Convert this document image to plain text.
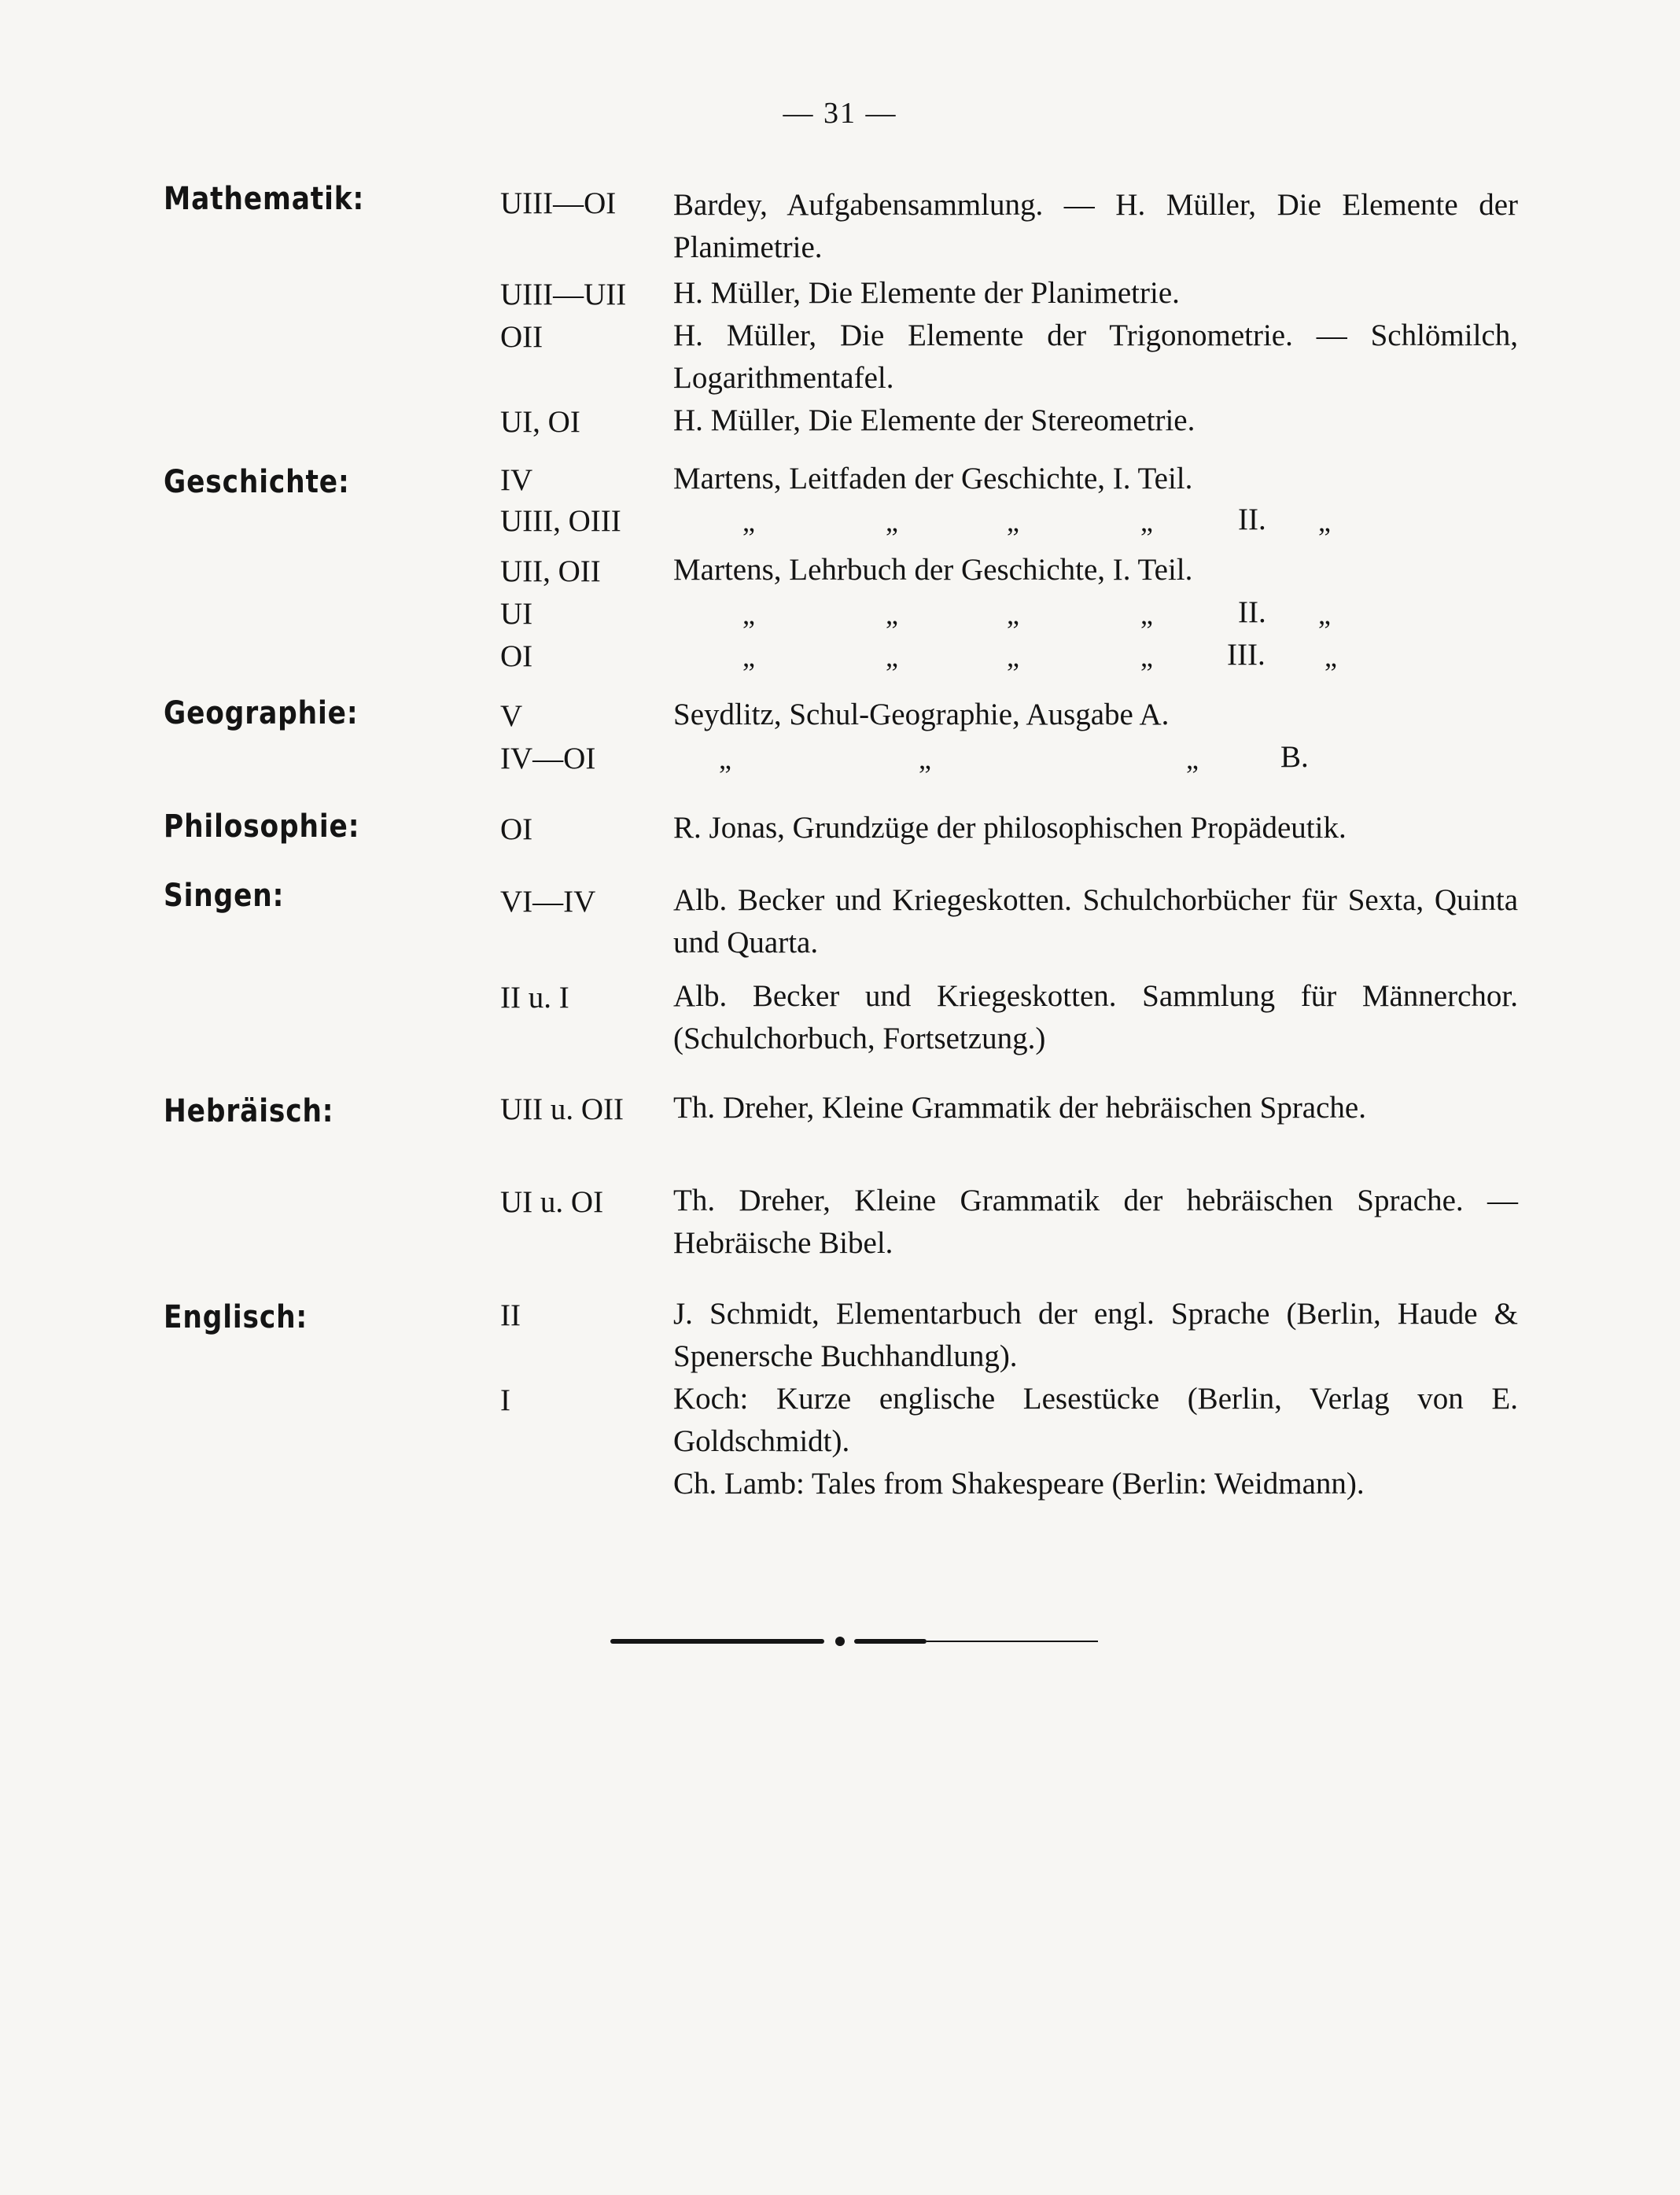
— 31 —
Mathematik:	UIII—OI Bardey, Aufgabensammlung. — H. Müller, Die Elemente der Planimetrie.
UIII—UII H. Müller, Die Elemente der Planimetrie.
OII	H. Müller, Die Elemente der Trigonometrie. — Schlömilch, Logarithmentafel.
UI, OI	H. Müller, Die Elemente der Stereometrie.
Geschichte:	IV	Martens, Leitfaden der Geschichte, I. Teil.
UIII, OIII	„	„	„	„	II. „
UII, OII Martens, Lehrbuch der Geschichte, I. Teil.
UI	„	„	„	„	II. „
OI	„	„	„	„ III. „
Geographie:	V	Seydlitz, Schul-Geographie, Ausgabe A.
IV—OI	„	„	„	B.
Philosophie:	OI	R. Jonas, Grundzüge der philosophischen Propädeutik.
Singen:	VI—IV	Alb. Becker und Kriegeskotten. Schulchorbücher für Sexta, Quinta und Quarta.
II u. I	Alb. Becker und Kriegeskotten. Sammlung für Männerchor. (Schulchorbuch, Fortsetzung.)
Hebräisch:	UII u. OII Th. Dreher, Kleine Grammatik der hebräischen Sprache.
UI u. OI Th. Dreher, Kleine Grammatik der hebräischen Sprache. — Hebräische Bibel.
Englisch:	II	J. Schmidt, Elementarbuch der engl. Sprache (Berlin, Haude & Spenersche Buchhandlung).
I	Koch: Kurze englische Lesestücke (Berlin, Verlag von E. Goldschmidt).
Ch. Lamb: Tales from Shakespeare (Berlin: Weidmann).
